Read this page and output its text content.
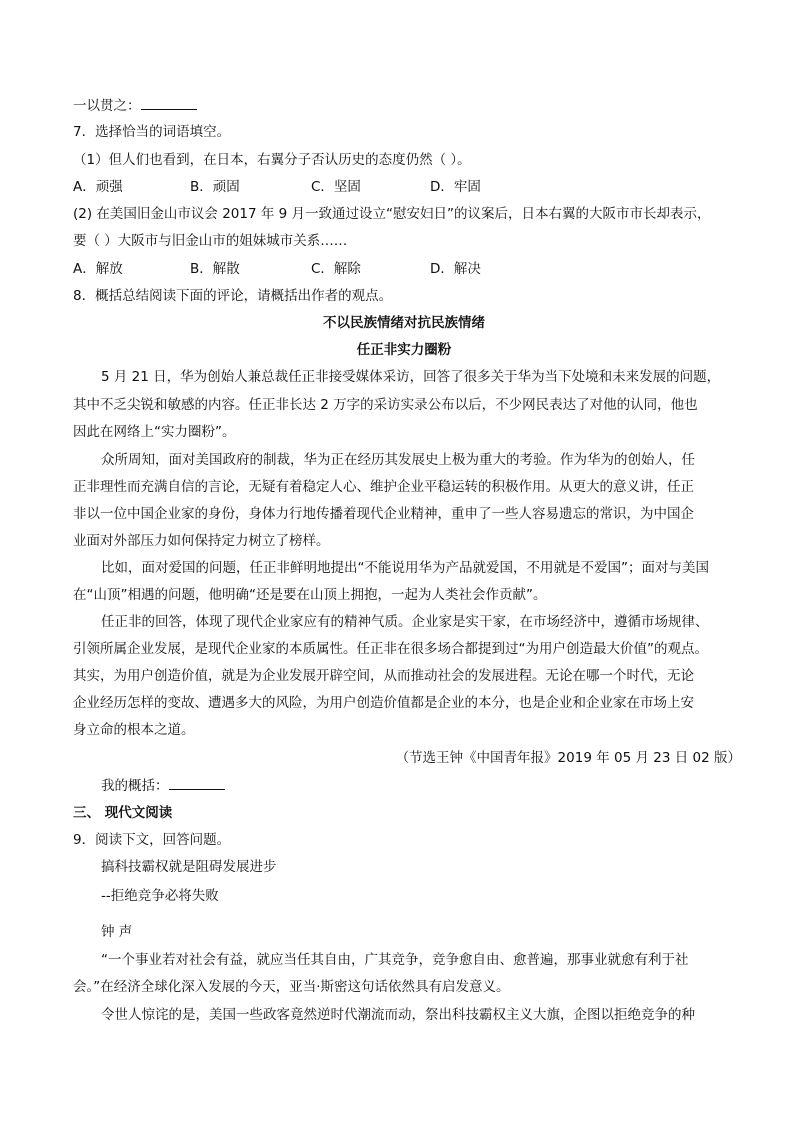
一以贯之：
7．选择恰当的词语填空。
（1）但人们也看到，在日本，右翼分子否认历史的态度仍然（ ）。
A．顽强	B．顽固	C．坚固	D．牢固
(2) 在美国旧金山市议会 2017 年 9 月一致通过设立“慰安妇日”的议案后，日本右翼的大阪市市长却表示，
要（ ）大阪市与旧金山市的姐妹城市关系……
A．解放	B．解散	C．解除	D．解决
8．概括总结阅读下面的评论，请概括出作者的观点。
不以民族情绪对抗民族情绪
任正非实力圈粉
5 月 21 日，华为创始人兼总裁任正非接受媒体采访，回答了很多关于华为当下处境和未来发展的问题，
其中不乏尖锐和敏感的内容。任正非长达 2 万字的采访实录公布以后，不少网民表达了对他的认同，他也
因此在网络上“实力圈粉”。
众所周知，面对美国政府的制裁，华为正在经历其发展史上极为重大的考验。作为华为的创始人，任
正非理性而充满自信的言论，无疑有着稳定人心、维护企业平稳运转的积极作用。从更大的意义讲，任正
非以一位中国企业家的身份，身体力行地传播着现代企业精神，重申了一些人容易遗忘的常识，为中国企
业面对外部压力如何保持定力树立了榜样。
比如，面对爱国的问题，任正非鲜明地提出“不能说用华为产品就爱国，不用就是不爱国”；面对与美国
在“山顶”相遇的问题，他明确“还是要在山顶上拥抱，一起为人类社会作贡献”。
任正非的回答，体现了现代企业家应有的精神气质。企业家是实干家，在市场经济中，遵循市场规律、
引领所属企业发展，是现代企业家的本质属性。任正非在很多场合都提到过“为用户创造最大价值”的观点。
其实，为用户创造价值，就是为企业发展开辟空间，从而推动社会的发展进程。无论在哪一个时代，无论
企业经历怎样的变故、遭遇多大的风险，为用户创造价值都是企业的本分，也是企业和企业家在市场上安
身立命的根本之道。
（节选王钟《中国青年报》2019 年 05 月 23 日 02 版）
我的概括：
三、 现代文阅读
9．阅读下文，回答问题。
搞科技霸权就是阻碍发展进步
--拒绝竞争必将失败
钟 声
“一个事业若对社会有益，就应当任其自由，广其竞争，竞争愈自由、愈普遍，那事业就愈有利于社
会。”在经济全球化深入发展的今天，亚当·斯密这句话依然具有启发意义。
令世人惊诧的是，美国一些政客竟然逆时代潮流而动，祭出科技霸权主义大旗，企图以拒绝竞争的种
